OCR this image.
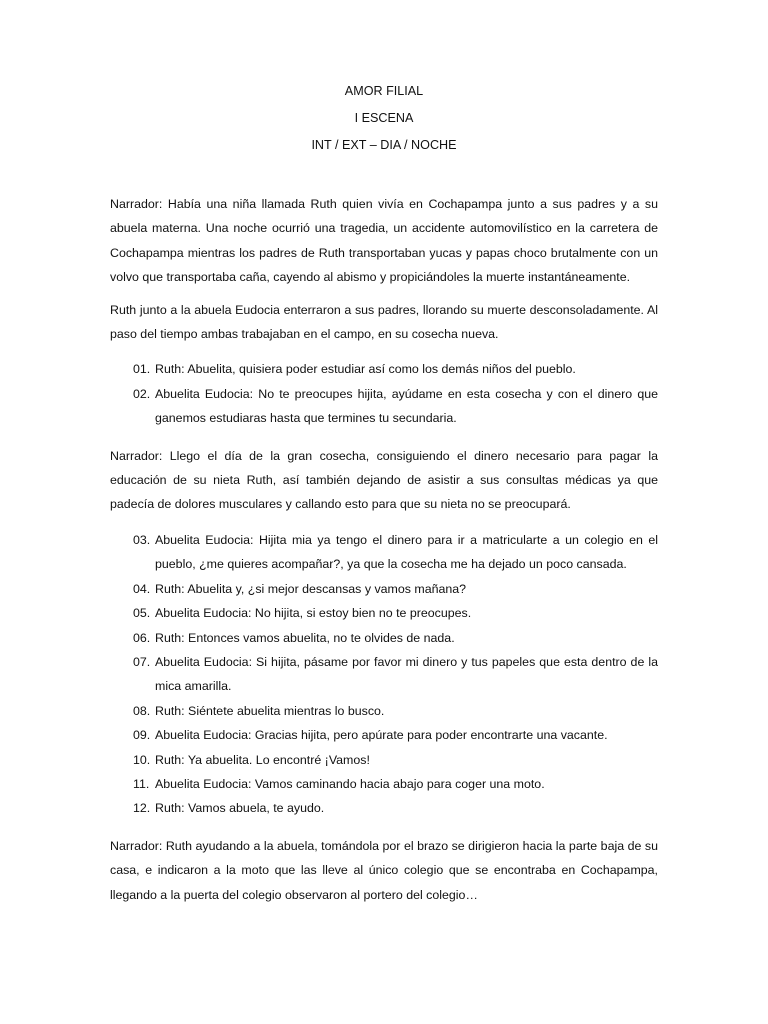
AMOR FILIAL

I ESCENA

INT / EXT – DIA / NOCHE

Narrador: Había una niña llamada Ruth quien vivía en Cochapampa junto a sus padres y a su abuela materna. Una noche ocurrió una tragedia, un accidente automovilístico en la carretera de Cochapampa mientras los padres de Ruth transportaban yucas y papas choco brutalmente con un volvo que transportaba caña, cayendo al abismo y propiciándoles la muerte instantáneamente.

Ruth junto a la abuela Eudocia enterraron a sus padres, llorando su muerte desconsoladamente. Al paso del tiempo ambas trabajaban en el campo, en su cosecha nueva.

01. Ruth: Abuelita, quisiera poder estudiar así como los demás niños del pueblo.
02. Abuelita Eudocia: No te preocupes hijita, ayúdame en esta cosecha y con el dinero que ganemos estudiaras hasta que termines tu secundaria.

Narrador: Llego el día de la gran cosecha, consiguiendo el dinero necesario para pagar la educación de su nieta Ruth, así también dejando de asistir a sus consultas médicas ya que padecía de dolores musculares y callando esto para que su nieta no se preocupará.

03. Abuelita Eudocia: Hijita mia ya tengo el dinero para ir a matricularte a un colegio en el pueblo, ¿me quieres acompañar?, ya que la cosecha me ha dejado un poco cansada.
04. Ruth: Abuelita y, ¿si mejor descansas y vamos mañana?
05. Abuelita Eudocia: No hijita, si estoy bien no te preocupes.
06. Ruth: Entonces vamos abuelita, no te olvides de nada.
07. Abuelita Eudocia: Si hijita, pásame por favor mi dinero y tus papeles que esta dentro de la mica amarilla.
08. Ruth: Siéntete abuelita mientras lo busco.
09. Abuelita Eudocia: Gracias hijita, pero apúrate para poder encontrarte una vacante.
10. Ruth: Ya abuelita. Lo encontré ¡Vamos!
11. Abuelita Eudocia: Vamos caminando hacia abajo para coger una moto.
12. Ruth: Vamos abuela, te ayudo.

Narrador: Ruth ayudando a la abuela, tomándola por el brazo se dirigieron hacia la parte baja de su casa, e indicaron a la moto que las lleve al único colegio que se encontraba en Cochapampa, llegando a la puerta del colegio observaron al portero del colegio…
